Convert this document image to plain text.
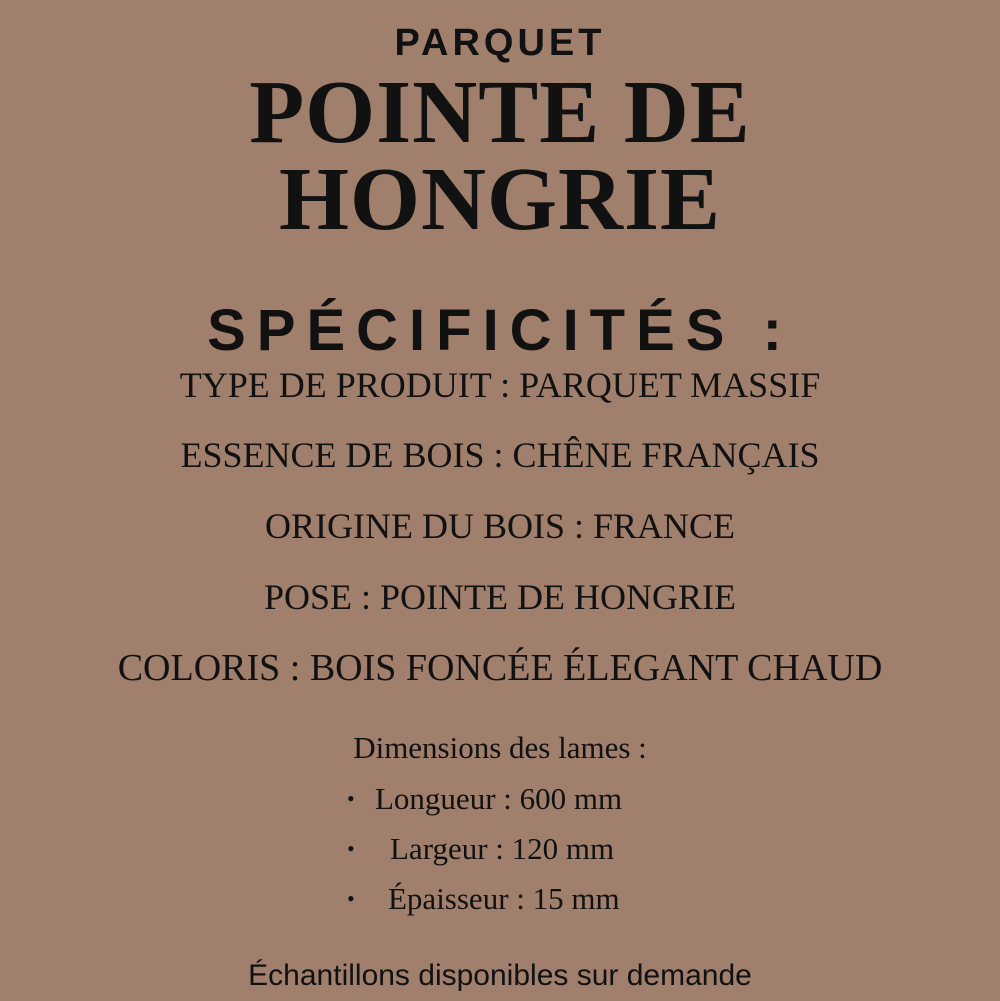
PARQUET

POINTE DE
HONGRIE
SPÉCIFICITÉS :

TYPE DE PRODUIT : PARQUET MASSIF

ESSENCE DE BOIS : CHÊNE FRANÇAIS

ORIGINE DU BOIS : FRANCE

POSE : POINTE DE HONGRIE

COLORIS : BOIS FONCÉE ÉLEGANT CHAUD

Dimensions des lames :

• Longueur : 600 mm
• Largeur : 120 mm
• Épaisseur : 15 mm

Échantillons disponibles sur demande
